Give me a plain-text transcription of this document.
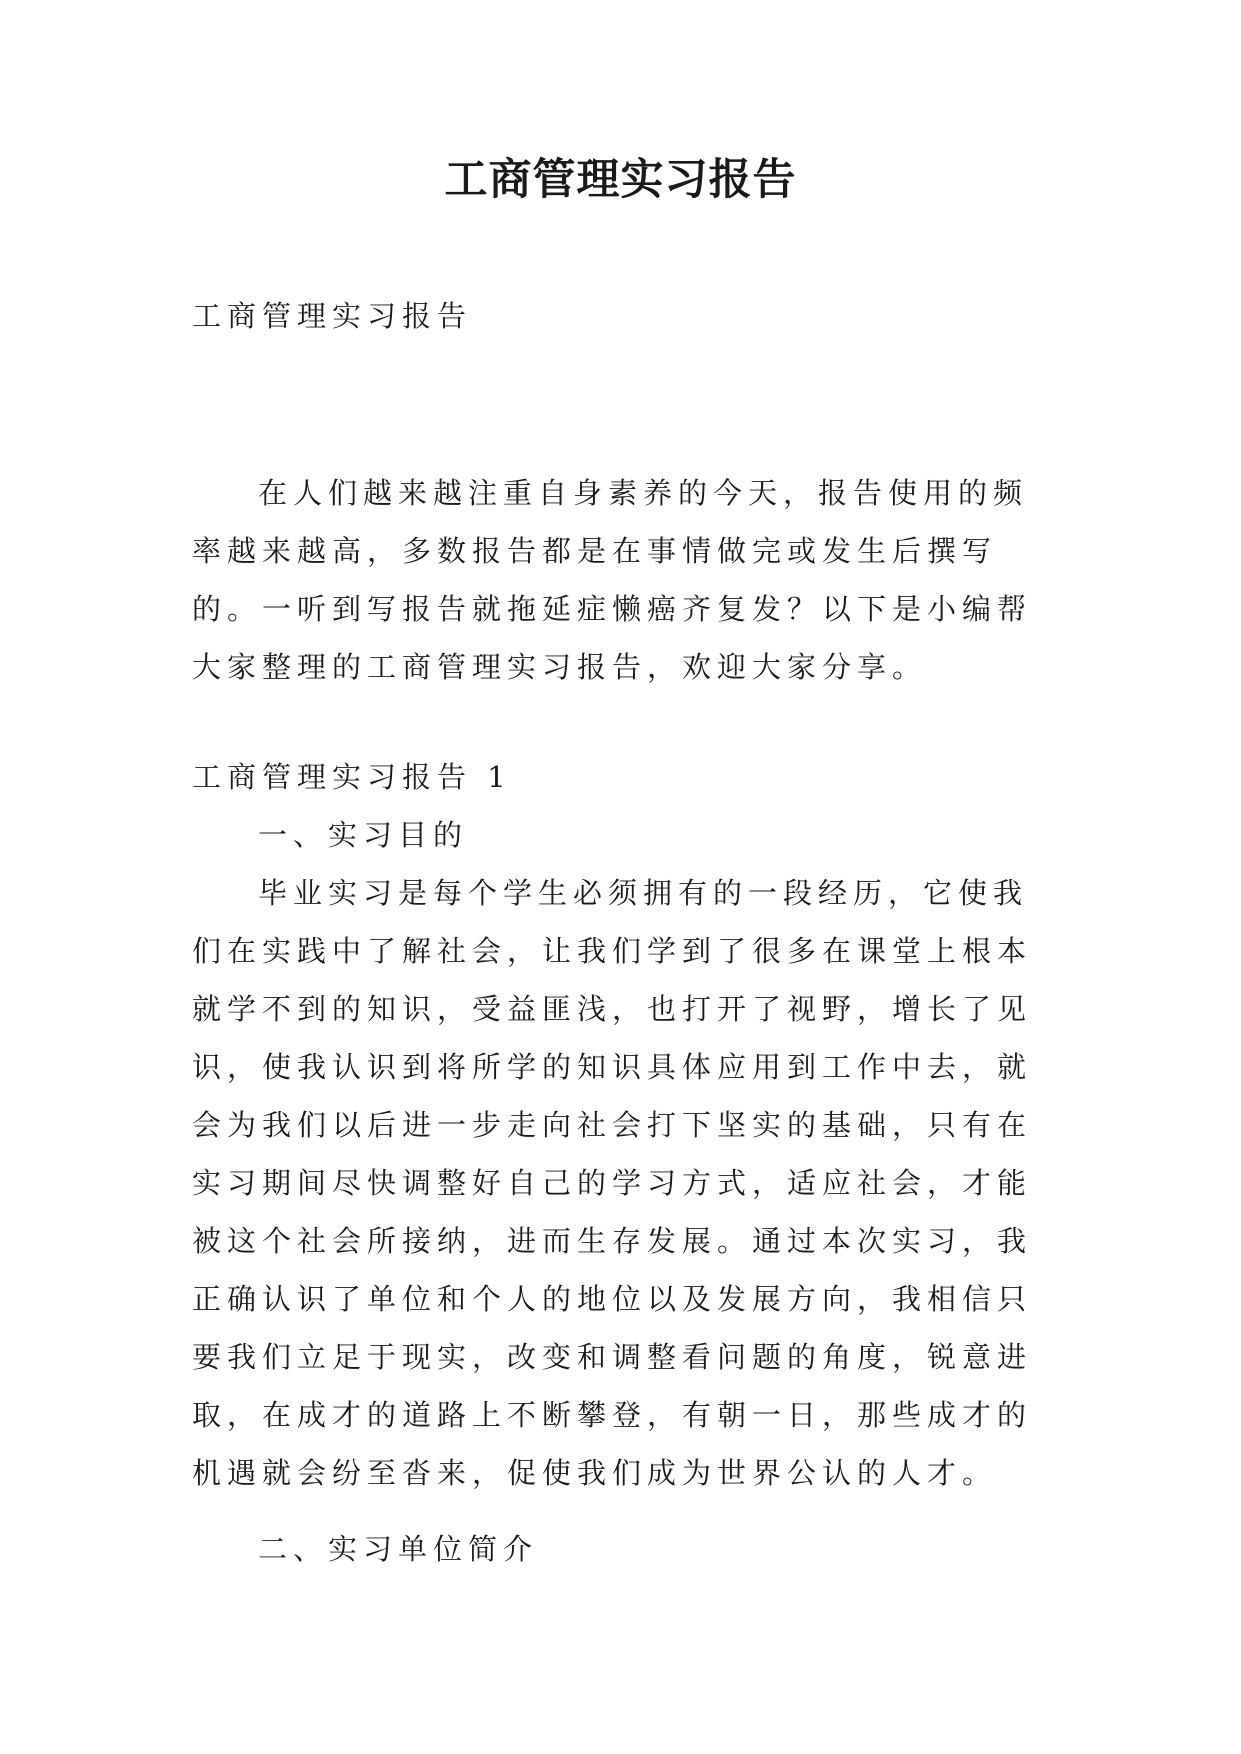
工商管理实习报告

工商管理实习报告

在人们越来越注重自身素养的今天，报告使用的频率越来越高，多数报告都是在事情做完或发生后撰写的。一听到写报告就拖延症懒癌齐复发？以下是小编帮大家整理的工商管理实习报告，欢迎大家分享。

工商管理实习报告 1

一、实习目的

毕业实习是每个学生必须拥有的一段经历，它使我们在实践中了解社会，让我们学到了很多在课堂上根本就学不到的知识，受益匪浅，也打开了视野，增长了见识，使我认识到将所学的知识具体应用到工作中去，就会为我们以后进一步走向社会打下坚实的基础，只有在实习期间尽快调整好自己的学习方式，适应社会，才能被这个社会所接纳，进而生存发展。通过本次实习，我正确认识了单位和个人的地位以及发展方向，我相信只要我们立足于现实，改变和调整看问题的角度，锐意进取，在成才的道路上不断攀登，有朝一日，那些成才的机遇就会纷至沓来，促使我们成为世界公认的人才。

二、实习单位简介
